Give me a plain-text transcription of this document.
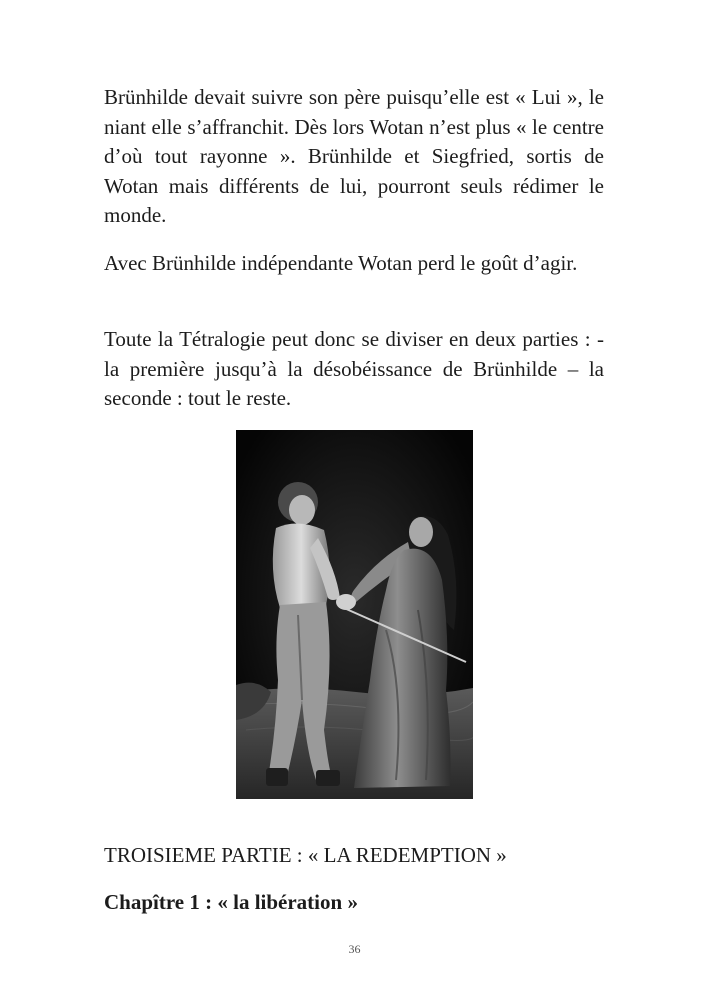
Brünhilde devait suivre son père puisqu’elle est « Lui », le niant elle s’affranchit. Dès lors Wotan n’est plus « le centre d’où tout rayonne ». Brünhilde et Siegfried, sortis de Wotan mais différents de lui, pourront seuls rédimer le monde.

Avec Brünhilde indépendante Wotan perd le goût d’agir.

Toute la Tétralogie peut donc se diviser en deux parties : - la première jusqu’à la désobéissance de Brünhilde – la seconde : tout le reste.

TROISIEME PARTIE : « LA REDEMPTION »
Chapître 1 : « la libération »
36
